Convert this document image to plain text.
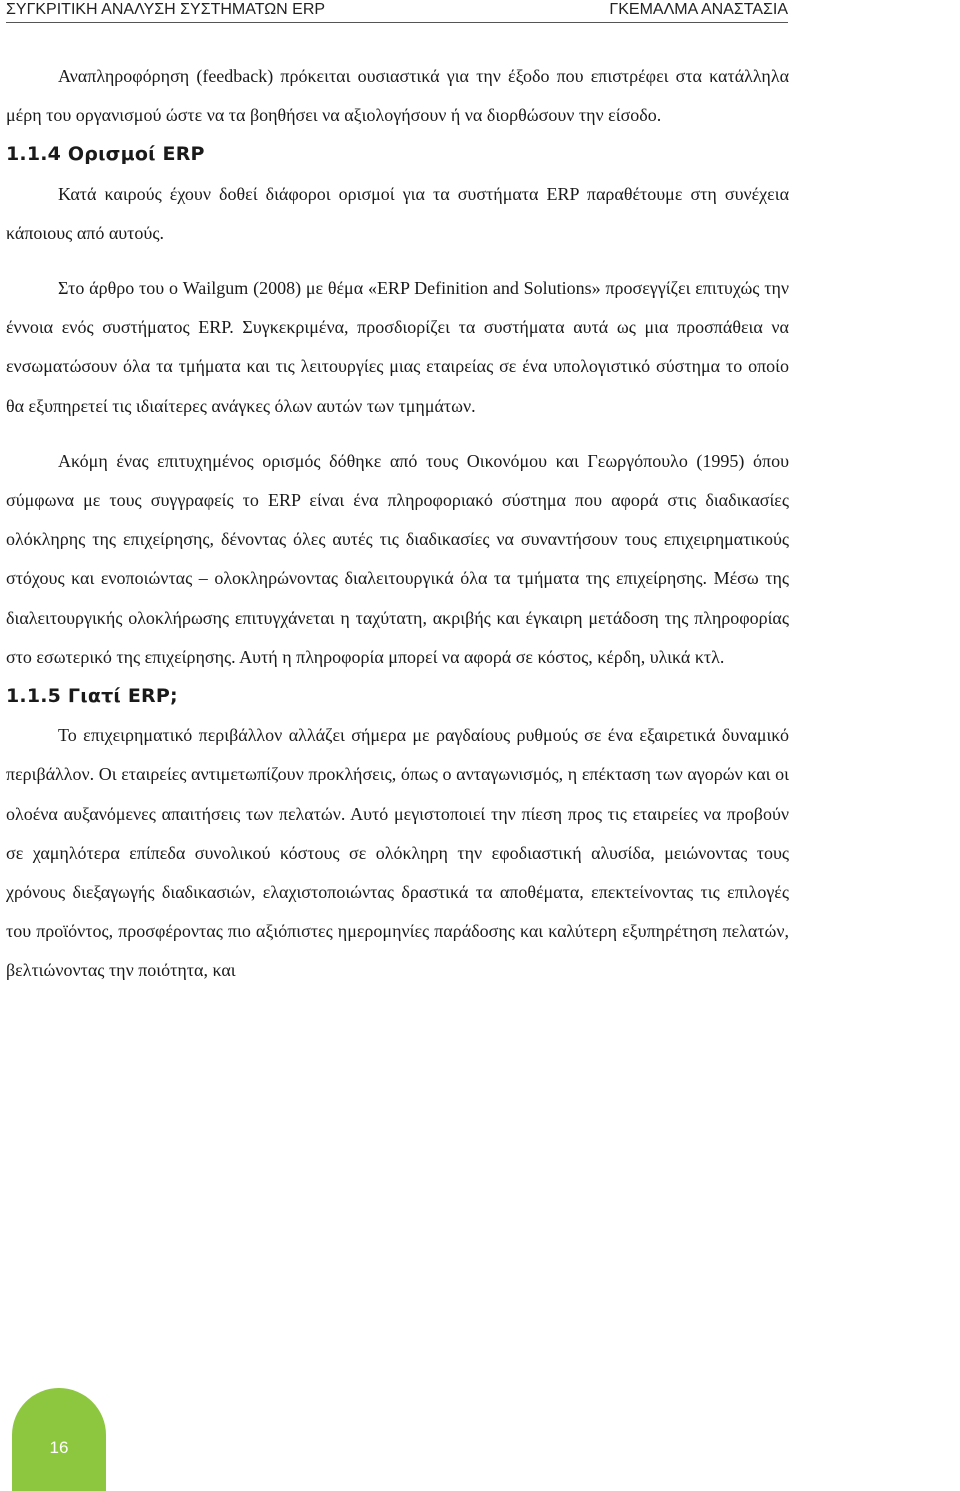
ΣΥΓΚΡΙΤΙΚΗ ΑΝΑΛΥΣΗ ΣΥΣΤΗΜΑΤΩΝ ERP	ΓΚΕΜΑΛΜΑ ΑΝΑΣΤΑΣΙΑ

Αναπληροφόρηση (feedback) πρόκειται ουσιαστικά για την έξοδο που επιστρέφει στα κατάλληλα μέρη του οργανισμού ώστε να τα βοηθήσει να αξιολογήσουν ή να διορθώσουν την είσοδο.

1.1.4 Ορισμοί ERP

Κατά καιρούς έχουν δοθεί διάφοροι ορισμοί για τα συστήματα ERP παραθέτουμε στη συνέχεια κάποιους από αυτούς.

Στο άρθρο του ο Wailgum (2008) με θέμα «ERP Definition and Solutions» προσεγγίζει επιτυχώς την έννοια ενός συστήματος ERP. Συγκεκριμένα, προσδιορίζει τα συστήματα αυτά ως μια προσπάθεια να ενσωματώσουν όλα τα τμήματα και τις λειτουργίες μιας εταιρείας σε ένα υπολογιστικό σύστημα το οποίο θα εξυπηρετεί τις ιδιαίτερες ανάγκες όλων αυτών των τμημάτων.

Ακόμη ένας επιτυχημένος ορισμός δόθηκε από τους Οικονόμου και Γεωργόπουλο (1995) όπου σύμφωνα με τους συγγραφείς το ERP είναι ένα πληροφοριακό σύστημα που αφορά στις διαδικασίες ολόκληρης της επιχείρησης, δένοντας όλες αυτές τις διαδικασίες να συναντήσουν τους επιχειρηματικούς στόχους και ενοποιώντας – ολοκληρώνοντας διαλειτουργικά όλα τα τμήματα της επιχείρησης. Μέσω της διαλειτουργικής ολοκλήρωσης επιτυγχάνεται η ταχύτατη, ακριβής και έγκαιρη μετάδοση της πληροφορίας στο εσωτερικό της επιχείρησης. Αυτή η πληροφορία μπορεί να αφορά σε κόστος, κέρδη, υλικά κτλ.

1.1.5 Γιατί ERP;

Το επιχειρηματικό περιβάλλον αλλάζει σήμερα με ραγδαίους ρυθμούς σε ένα εξαιρετικά δυναμικό περιβάλλον. Οι εταιρείες αντιμετωπίζουν προκλήσεις, όπως ο ανταγωνισμός, η επέκταση των αγορών και οι ολοένα αυξανόμενες απαιτήσεις των πελατών. Αυτό μεγιστοποιεί την πίεση προς τις εταιρείες να προβούν σε χαμηλότερα επίπεδα συνολικού κόστους σε ολόκληρη την εφοδιαστική αλυσίδα, μειώνοντας τους χρόνους διεξαγωγής διαδικασιών, ελαχιστοποιώντας δραστικά τα αποθέματα, επεκτείνοντας τις επιλογές του προϊόντος, προσφέροντας πιο αξιόπιστες ημερομηνίες παράδοσης και καλύτερη εξυπηρέτηση πελατών, βελτιώνοντας την ποιότητα, και

16
